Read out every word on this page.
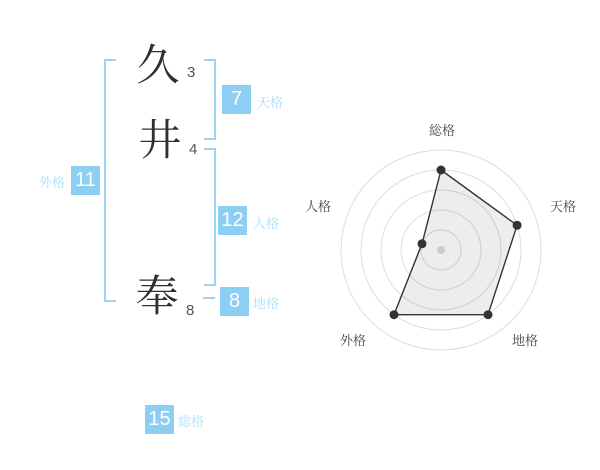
久
井
奉
3
4
8
外格 11
7	天格
12 人格
8 地格
15 総格
総格
天格
地格
外格
人格
